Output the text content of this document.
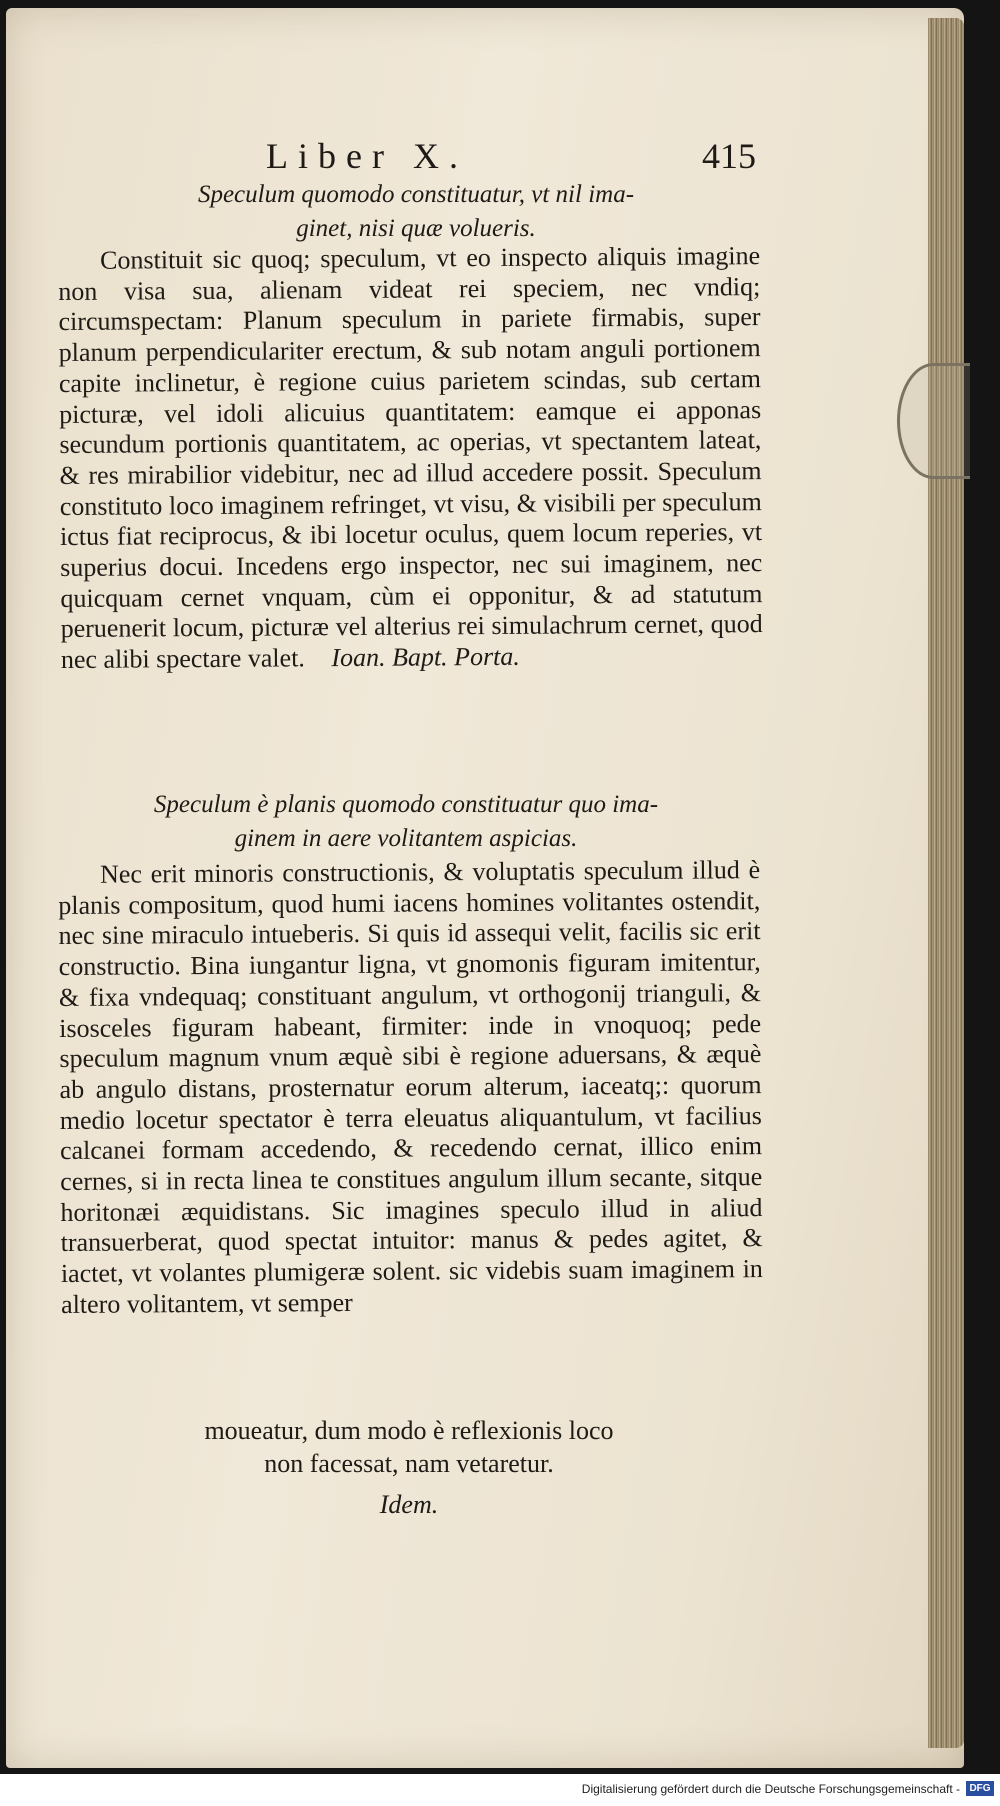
Liber X.	415
Speculum quomodo constituatur, vt nil ima-
ginet, nisi quæ volueris.
Constituit sic quoq; speculum, vt eo inspecto aliquis imagine non visa sua, alienam videat rei speciem, nec vndiq; circumspectam: Planum speculum in pariete firmabis, super planum perpendiculariter erectum, & sub notam anguli portionem capite inclinetur, è regione cuius parietem scindas, sub certam picturæ, vel idoli alicuius quantitatem: eamque ei apponas secundum portionis quantitatem, ac operias, vt spectantem lateat, & res mirabilior videbitur, nec ad illud accedere possit. Speculum constituto loco imaginem refringet, vt visu, & visibili per speculum ictus fiat reciprocus, & ibi locetur oculus, quem locum reperies, vt superius docui. Incedens ergo inspector, nec sui imaginem, nec quicquam cernet vnquam, cùm ei opponitur, & ad statutum peruenerit locum, picturæ vel alterius rei simulachrum cernet, quod nec alibi spectare valet. Ioan. Bapt. Porta.
Speculum è planis quomodo constituatur quo ima-
ginem in aere volitantem aspicias.
Nec erit minoris constructionis, & voluptatis speculum illud è planis compositum, quod humi iacens homines volitantes ostendit, nec sine miraculo intueberis. Si quis id assequi velit, facilis sic erit constructio. Bina iungantur ligna, vt gnomonis figuram imitentur, & fixa vndequaq; constituant angulum, vt orthogonij trianguli, & isosceles figuram habeant, firmiter: inde in vnoquoq; pede speculum magnum vnum æquè sibi è regione aduersans, & æquè ab angulo distans, prosternatur eorum alterum, iaceatq;: quorum medio locetur spectator è terra eleuatus aliquantulum, vt facilius calcanei formam accedendo, & recedendo cernat, illico enim cernes, si in recta linea te constitues angulum illum secante, sitque horitonæi æquidistans. Sic imagines speculo illud in aliud transuerberat, quod spectat intuitor: manus & pedes agitet, & iactet, vt volantes plumigeræ solent. sic videbis suam imaginem in altero volitantem, vt semper
moueatur, dum modo è reflexionis loco
non facessat, nam vetaretur.
Idem.
Digitalisierung gefördert durch die Deutsche Forschungsgemeinschaft - DFG
